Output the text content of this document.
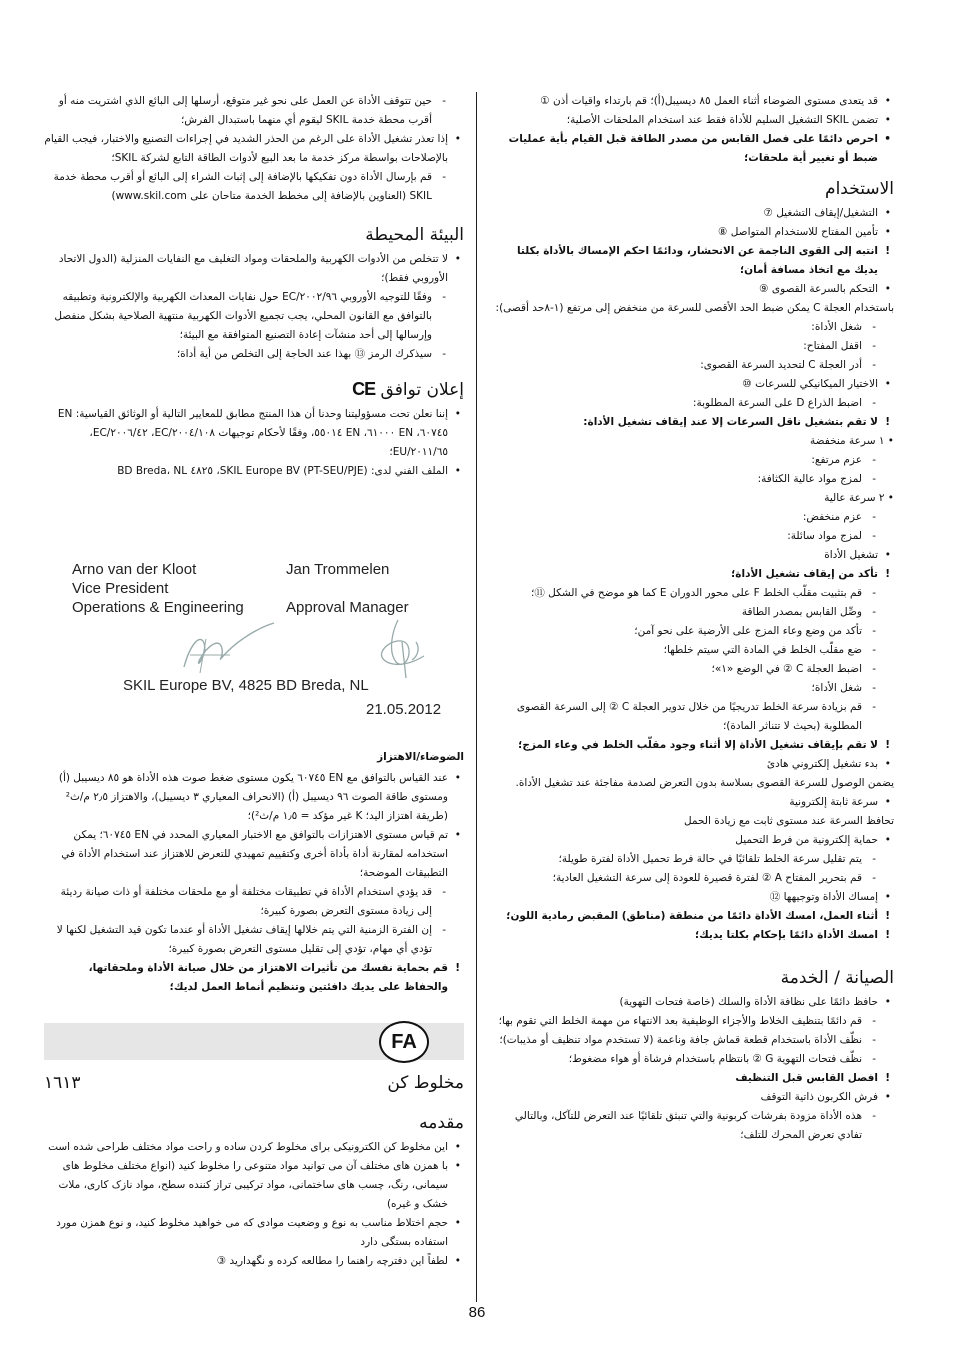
• قد يتعدى مستوى الضوضاء أثناء العمل ٨٥ ديسيبل(أ)؛ قم بارتداء واقيات أذن ①

• تضمن SKIL التشغيل السليم للأداة فقط عند استخدام الملحقات الأصلية؛

• احرص دائمًا على فصل القابس من مصدر الطاقة قبل القيام بأية عمليات ضبط أو تغيير أية ملحقات؛

الاستخدام

• التشغيل/إيقاف التشغيل ⑦

• تأمين المفتاح للاستخدام المتواصل ⑧

! انتبه إلى القوى الناجمة عن الانحشار، ودائمًا احكم الإمساك بالأداة بكلتا يديك مع اتخاذ مسافة أمان؛

• التحكم بالسرعة القصوى ⑨

باستخدام العجلة C يمكن ضبط الحد الأقصى للسرعة من منخفض إلى مرتفع (١-٨حد أقصى):

- شغل الأداة:

- اقفل المفتاح:

- أدر العجلة C لتحديد السرعة القصوى:

• الاختيار الميكانيكي للسرعات ⑩

- اضبط الذراع D على السرعة المطلوبة:

! لا تقم بتشغيل ناقل السرعات إلا عند إيقاف تشغيل الأداة:

• ١ سرعة منخفضة

- عزم مرتفع:

- لمزج مواد عالية الكثافة:

• ٢ سرعة عالية

- عزم منخفض:

- لمزج مواد سائلة:

• تشغيل الأداة

! تأكد من إيقاف تشغيل الأداة؛

- قم بتثبيت مقلّب الخلط F على محور الدوران E كما هو موضح في الشكل ⑪؛

- وصِّل القابس بمصدر الطاقة

- تأكد من وضع وعاء المزج على الأرضية على نحو آمن؛

- ضع مقلّب الخلط في المادة التي سيتم خلطها؛

- اضبط العجلة C ② في الوضع «١»؛

- شغل الأداة؛

- قم بزيادة سرعة الخلط تدريجيًا من خلال تدوير العجلة C ② إلى السرعة القصوى المطلوبة (بحيث لا تتناثر المادة)؛

! لا تقم بإيقاف تشغيل الأداة إلا أثناء وجود مقلّب الخلط في وعاء المزج؛

• بدء تشغيل إلكتروني هادئ

يضمن الوصول للسرعة القصوى بسلاسة بدون التعرض لصدمة مفاجئة عند تشغيل الأداة.

• سرعة ثابتة إلكترونية

تحافظ السرعة عند مستوى ثابت مع زيادة الحمل

• حماية إلكترونية من فرط التحميل

- يتم تقليل سرعة الخلط تلقائيًا في حالة فرط تحميل الأداة لفترة طويلة؛

- قم بتحرير المفتاح A ② لفترة قصيرة للعودة إلى سرعة التشغيل العادية؛

• إمساك الأداة وتوجيهها ⑫

! أثناء العمل، امسك الأداة دائمًا من منطقة (مناطق) المقبض رمادية اللون؛

! امسك الأداة دائمًا بإحكام بكلتا يديك؛

الصيانة / الخدمة

• حافظ دائمًا على نظافة الأداة والسلك (خاصة فتحات التهوية)

- قم دائمًا بتنظيف الخلاط والأجزاء الوظيفية بعد الانتهاء من مهمة الخلط التي تقوم بها؛

- نظّف الأداة باستخدام قطعة قماش جافة وناعمة (لا تستخدم مواد تنظيف أو مذيبات)؛

- نظّف فتحات التهوية G ② بانتظام باستخدام فرشاة أو هواء مضغوط؛

! افصل القابس قبل التنظيف

• فرش الكربون ذاتية التوقف

- هذه الأداة مزودة بفرشات كربونية والتي تنبثق تلقائيًا عند التعرض للتآكل، وبالتالي تفادي تعرض المحرك للتلف؛

- حين تتوقف الأداة عن العمل على نحو غير متوقع، أرسلها إلى البائع الذي اشتريت منه أو أقرب محطة خدمة SKIL ليقوم أي منهما باستبدال الفرش؛

• إذا تعذر تشغيل الأداة على الرغم من الحذر الشديد في إجراءات التصنيع والاختبار، فيجب القيام بالإصلاحات بواسطة مركز خدمة ما بعد البيع لأدوات الطاقة التابع لشركة SKIL؛

- قم بإرسال الأداة دون تفكيكها بالإضافة إلى إثبات الشراء إلى البائع أو أقرب محطة خدمة SKIL (العناوين بالإضافة إلى مخطط الخدمة متاحان على www.skil.com)

البيئة المحيطة

• لا تتخلص من الأدوات الكهربية والملحقات ومواد التغليف مع النفايات المنزلية (الدول الاتحاد الأوروبي فقط)؛

- وفقًا للتوجيه الأوروبي ٢٠٠٢/٩٦/EC حول نفايات المعدات الكهربية والإلكترونية وتطبيقه بالتوافق مع القانون المحلي، يجب تجميع الأدوات الكهربية منتهية الصلاحية بشكل منفصل وإرسالها إلى أحد منشآت إعادة التصنيع المتوافقة مع البيئة؛

- سيذكرك الرمز ⑬ بهذا عند الحاجة إلى التخلص من أية أداة؛

إعلان توافق CE

• إننا نعلن تحت مسؤوليتنا وحدنا أن هذا المنتج مطابق للمعايير التالية أو الوثائق القياسية: EN ٦٠٧٤٥، EN ٦١٠٠٠، EN ٥٥٠١٤، وفقًا لأحكام توجيهات ٢٠٠٤/١٠٨/EC، ٢٠٠٦/٤٢/EC، ٢٠١١/٦٥/EU؛

• الملف الفني لدى: SKIL Europe BV (PT-SEU/PJE)، ٤٨٢٥ BD Breda، NL

Arno van der Kloot	Jan Trommelen
Vice President
Operations & Engineering	Approval Manager
SKIL Europe BV, 4825 BD Breda, NL
21.05.2012
الضوضاء/الاهتزاز

• عند القياس بالتوافق مع EN ٦٠٧٤٥ يكون مستوى ضغط صوت هذه الأداة هو ٨٥ ديسيبل (أ) ومستوى طاقة الصوت ٩٦ ديسيبل (أ) (الانحراف المعياري ٣ ديسيبل)، والاهتزاز ٢٫٥ م/ث² (طريقة اهتزاز اليد؛ K غير مؤكد = ١٫٥ م/ث²)؛

• تم قياس مستوى الاهتزازات بالتوافق مع الاختبار المعياري المحدد في EN ٦٠٧٤٥؛ يمكن استخدامه لمقارنة أداة بأداة أخرى وكتقييم تمهيدي للتعرض للاهتزاز عند استخدام الأداة في التطبيقات الموضحة؛

- قد يؤدي استخدام الأداة في تطبيقات مختلفة أو مع ملحقات مختلفة أو ذات صيانة رديئة إلى زيادة مستوى التعرض بصورة كبيرة؛

- إن الفترة الزمنية التي يتم خلالها إيقاف تشغيل الأداة أو عندما تكون قيد التشغيل لكنها لا تؤدي أي مهام، تؤدي إلى تقليل مستوى التعرض بصورة كبيرة؛

! قم بحماية نفسك من تأثيرات الاهتزاز من خلال صيانة الأداة وملحقاتها، والحفاظ على يديك دافئتين وتنظيم أنماط العمل لديك؛

FA
مخلوط کن
١٦١٣
مقدمه

• این مخلوط کن الکترونیکی برای مخلوط کردن ساده و راحت مواد مختلف طراحی شده است

• با همزن های مختلف آن می توانید مواد متنوعی را مخلوط کنید (انواع مختلف مخلوط های سیمانی، رنگ، چسب های ساختمانی، مواد ترکیبی تراز کننده سطح، مواد نازک کاری، ملات خشک و غیره)

• حجم اختلاط مناسب به نوع و وضعیت موادی که می خواهید مخلوط کنید، و نوع همزن مورد استفاده بستگی دارد

• لطفاً این دفترچه راهنما را مطالعه کرده و نگهدارید ③

86
